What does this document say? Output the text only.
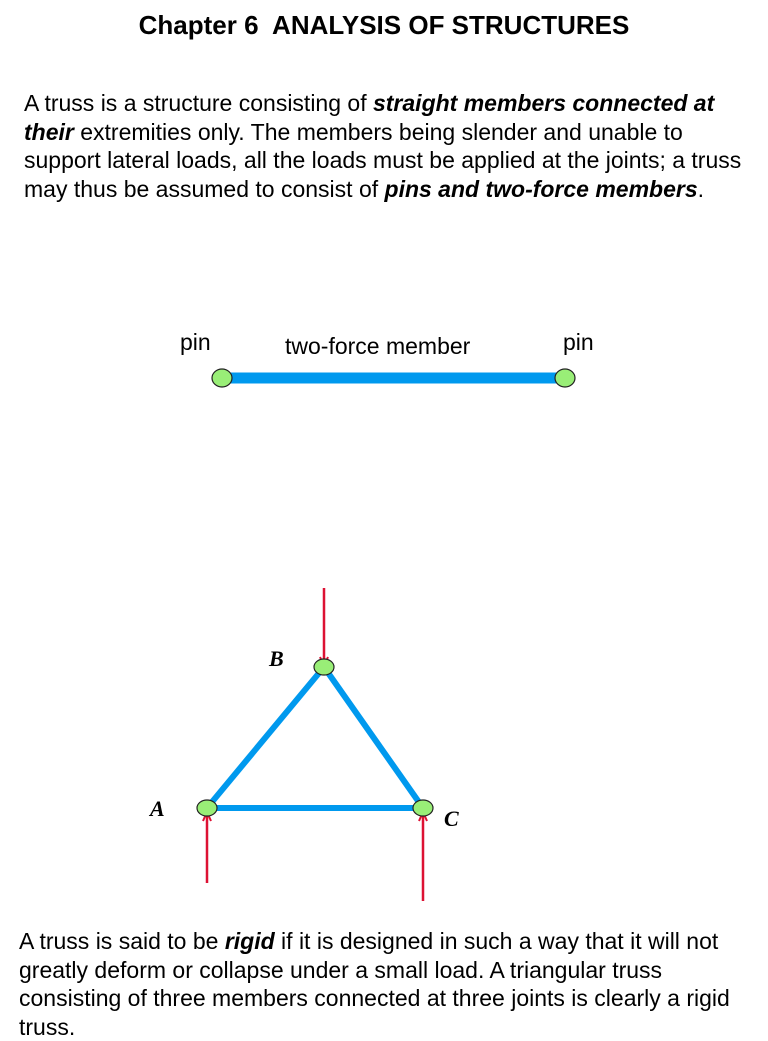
Chapter 6  ANALYSIS OF STRUCTURES

A truss is a structure consisting of straight members connected at their extremities only. The members being slender and unable to support lateral loads, all the loads must be applied at the joints; a truss may thus be assumed to consist of pins and two-force members.

pin	two-force member	pin
B
A	C

A truss is said to be rigid if it is designed in such a way that it will not greatly deform or collapse under a small load. A triangular truss consisting of three members connected at three joints is clearly a rigid truss.
